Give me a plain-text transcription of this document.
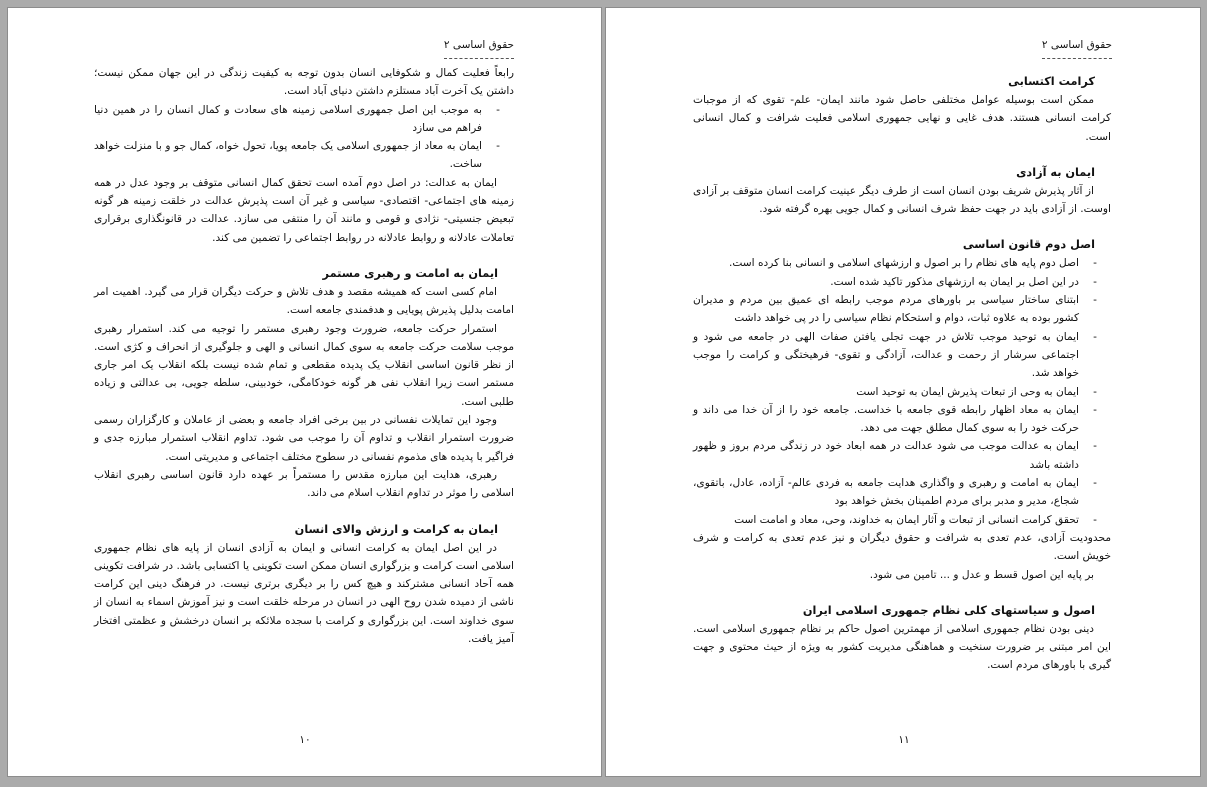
حقوق اساسی ۲

رابعاً فعلیت کمال و شکوفایی انسان بدون توجه به کیفیت زندگی در این جهان ممکن نیست؛ داشتن یک آخرت آباد مستلزم داشتن دنیای آباد است.

-
به موجب این اصل جمهوری اسلامی زمینه های سعادت و کمال انسان را در همین دنیا فراهم می سازد
-
ایمان به معاد از جمهوری اسلامی یک جامعه پویا، تحول خواه، کمال جو و با منزلت خواهد ساخت.

ایمان به عدالت: در اصل دوم آمده است تحقق کمال انسانی متوقف بر وجود عدل در همه زمینه های اجتماعی- اقتصادی- سیاسی و غیر آن است پذیرش عدالت در خلقت زمینه هر گونه تبعیض جنسیتی- نژادی و قومی و مانند آن را منتفی می سازد. عدالت در قانونگذاری برقراری تعاملات عادلانه و روابط عادلانه در روابط اجتماعی را تضمین می کند.

ایمان به امامت و رهبری مستمر

امام کسی است که همیشه مقصد و هدف تلاش و حرکت دیگران قرار می گیرد. اهمیت امر امامت بدلیل پذیرش پویایی و هدفمندی جامعه است.

استمرار حرکت جامعه، ضرورت وجود رهبری مستمر را توجیه می کند. استمرار رهبری موجب سلامت حرکت جامعه به سوی کمال انسانی و الهی و جلوگیری از انحراف و کژی است. از نظر قانون اساسی انقلاب یک پدیده مقطعی و تمام شده نیست بلکه انقلاب یک امر جاری مستمر است زیرا انقلاب نفی هر گونه خودکامگی، خودبینی، سلطه جویی، بی عدالتی و زیاده طلبی است.

وجود این تمایلات نفسانی در بین برخی افراد جامعه و بعضی از عاملان و کارگزاران رسمی ضرورت استمرار انقلاب و تداوم آن را موجب می شود. تداوم انقلاب استمرار مبارزه جدی و فراگیر با پدیده های مذموم نفسانی در سطوح مختلف اجتماعی و مدیریتی است.

رهبری، هدایت این مبارزه مقدس را مستمراً بر عهده دارد قانون اساسی رهبری انقلاب اسلامی را موثر در تداوم انقلاب اسلام می داند.

ایمان به کرامت و ارزش والای انسان

در این اصل ایمان به کرامت انسانی و ایمان به آزادی انسان از پایه های نظام جمهوری اسلامی است کرامت و بزرگواری انسان ممکن است تکوینی یا اکتسابی باشد. در شرافت تکوینی همه آحاد انسانی مشترکند و هیچ کس را بر دیگری برتری نیست. در فرهنگ دینی این کرامت ناشی از دمیده شدن روح الهی در انسان در مرحله خلقت است و نیز آموزش اسماء به انسان از سوی خداوند است. این بزرگواری و کرامت با سجده ملائکه بر انسان درخشش و عظمتی افتخار آمیز یافت.

۱۰
حقوق اساسی ۲
کرامت اکتسابی

ممکن است بوسیله عوامل مختلفی حاصل شود مانند ایمان- علم- تقوی که از موجبات کرامت انسانی هستند. هدف غایی و نهایی جمهوری اسلامی فعلیت شرافت و کمال انسانی است.

ایمان به آزادی

از آثار پذیرش شریف بودن انسان است از طرف دیگر عینیت کرامت انسان متوقف بر آزادی اوست. از آزادی باید در جهت حفظ شرف انسانی و کمال جویی بهره گرفته شود.

اصل دوم قانون اساسی
-
اصل دوم پایه های نظام را بر اصول و ارزشهای اسلامی و انسانی بنا کرده است.
-
در این اصل بر ایمان به ارزشهای مذکور تاکید شده است.
-
ابتنای ساختار سیاسی بر باورهای مردم موجب رابطه ای عمیق بین مردم و مدیران کشور بوده به علاوه ثبات، دوام و استحکام نظام سیاسی را در پی خواهد داشت
-
ایمان به توحید موجب تلاش در جهت تجلی یافتن صفات الهی در جامعه می شود و اجتماعی سرشار از رحمت و عدالت، آزادگی و تقوی- فرهیختگی و کرامت را موجب خواهد شد.
-
ایمان به وحی از تبعات پذیرش ایمان به توحید است
-
ایمان به معاد اظهار رابطه قوی جامعه با خداست. جامعه خود را از آن خدا می داند و حرکت خود را به سوی کمال مطلق جهت می دهد.
-
ایمان به عدالت موجب می شود عدالت در همه ابعاد خود در زندگی مردم بروز و ظهور داشته باشد
-
ایمان به امامت و رهبری و واگذاری هدایت جامعه به فردی عالم- آزاده، عادل، باتقوی، شجاع، مدیر و مدبر برای مردم اطمینان بخش خواهد بود
-
تحقق کرامت انسانی از تبعات و آثار ایمان به خداوند، وحی، معاد و امامت است

محدودیت آزادی، عدم تعدی به شرافت و حقوق دیگران و نیز عدم تعدی به کرامت و شرف خویش است.

بر پایه این اصول قسط و عدل و ... تامین می شود.

اصول و سیاستهای کلی نظام جمهوری اسلامی ایران

دینی بودن نظام جمهوری اسلامی از مهمترین اصول حاکم بر نظام جمهوری اسلامی است. این امر مبتنی بر ضرورت سنخیت و هماهنگی مدیریت کشور به ویژه از حیث محتوی و جهت گیری با باورهای مردم است.

۱۱
